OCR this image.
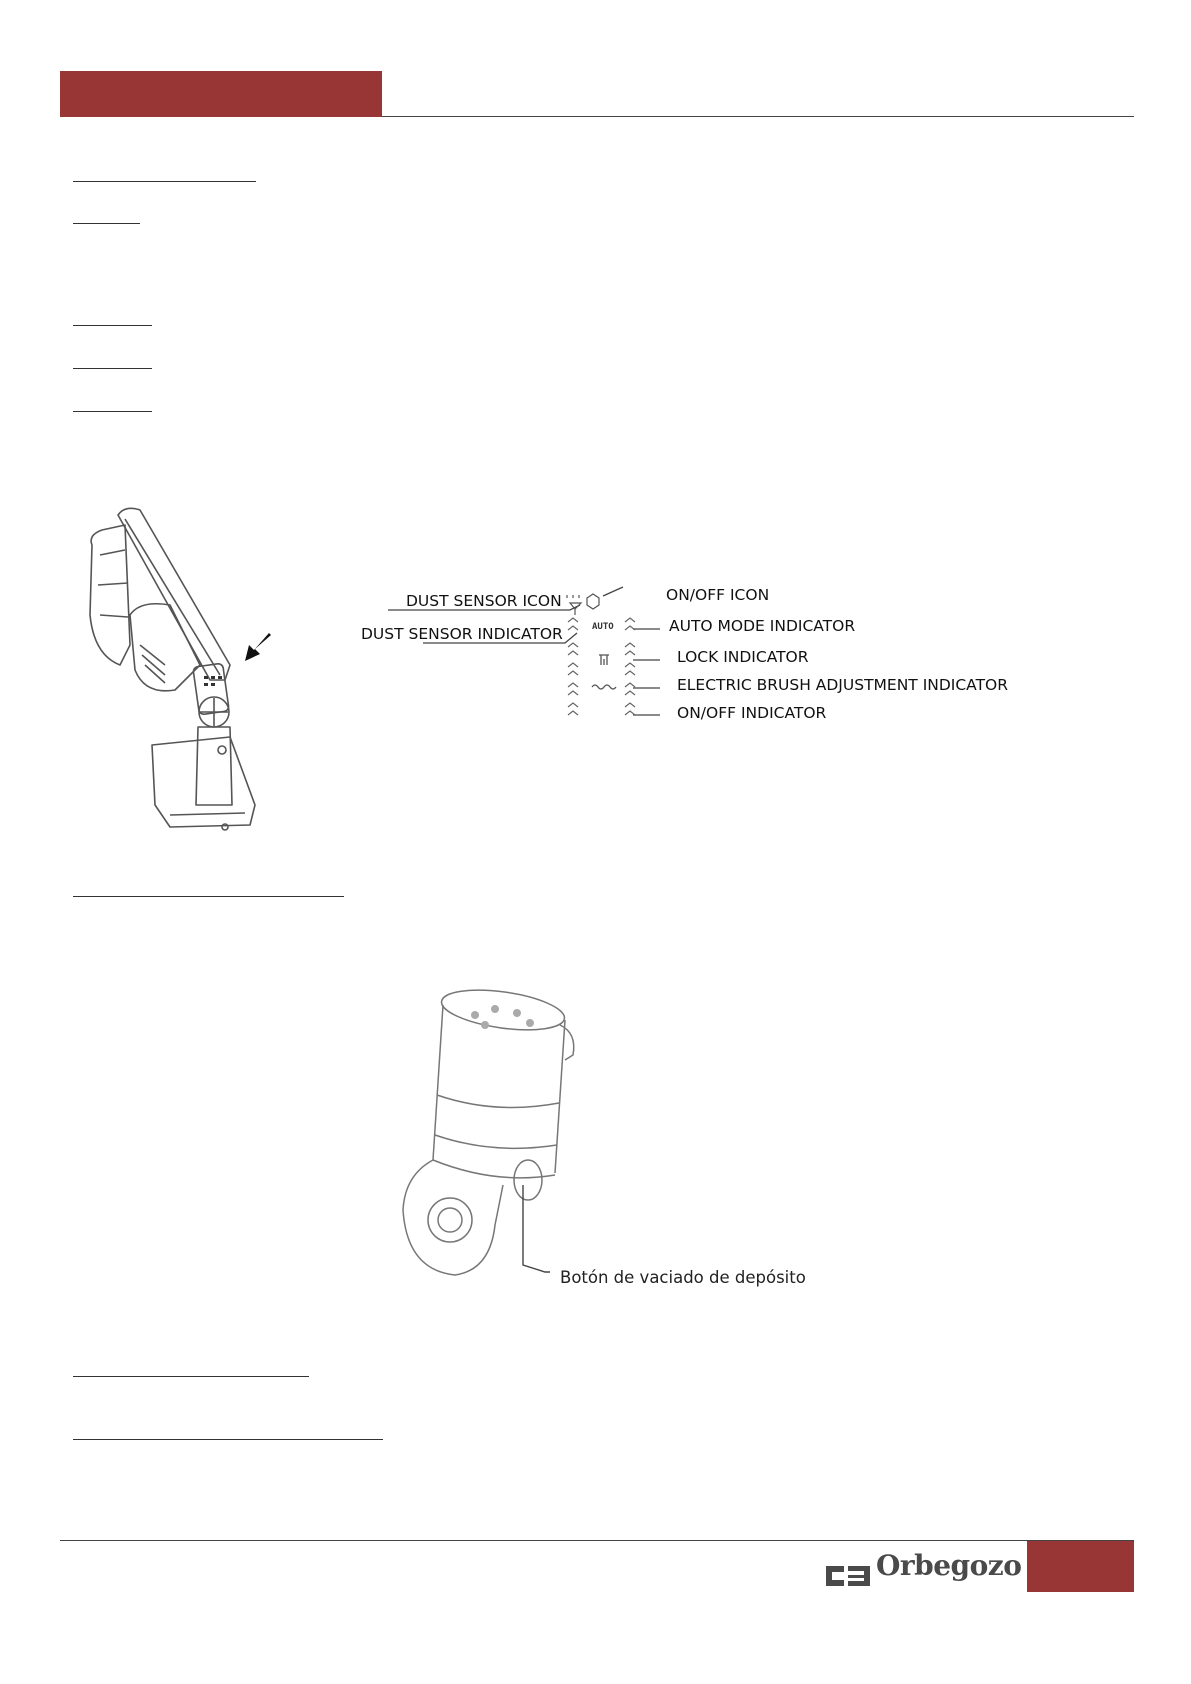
DUST SENSOR ICON
DUST SENSOR INDICATOR	AUTO
ON/OFF ICON
AUTO MODE INDICATOR
LOCK INDICATOR
ELECTRIC BRUSH ADJUSTMENT INDICATOR
ON/OFF INDICATOR
Botón de vaciado de depósito
Orbegozo
